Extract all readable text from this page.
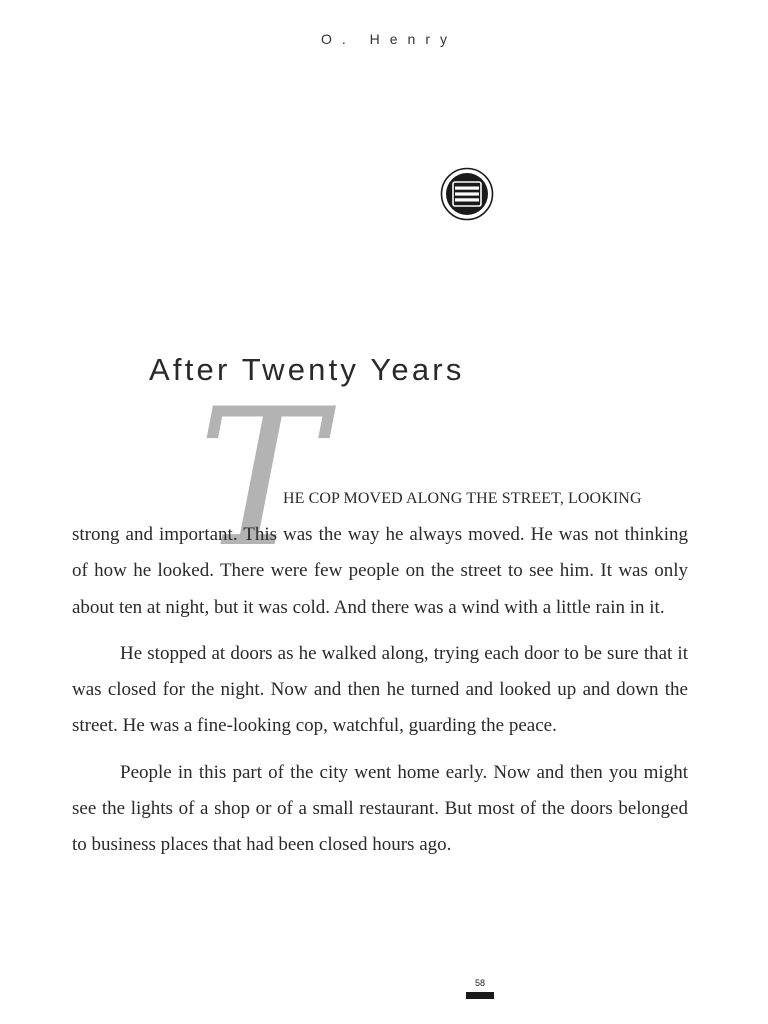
O. Henry
After Twenty Years
T
HE COP MOVED ALONG THE STREET, LOOKING

strong and important. This was the way he always moved. He was not thinking of how he looked. There were few people on the street to see him. It was only about ten at night, but it was cold. And there was a wind with a little rain in it.

He stopped at doors as he walked along, trying each door to be sure that it was closed for the night. Now and then he turned and looked up and down the street. He was a fine-looking cop, watchful, guarding the peace.

People in this part of the city went home early. Now and then you might see the lights of a shop or of a small restaurant. But most of the doors belonged to business places that had been closed hours ago.

58
